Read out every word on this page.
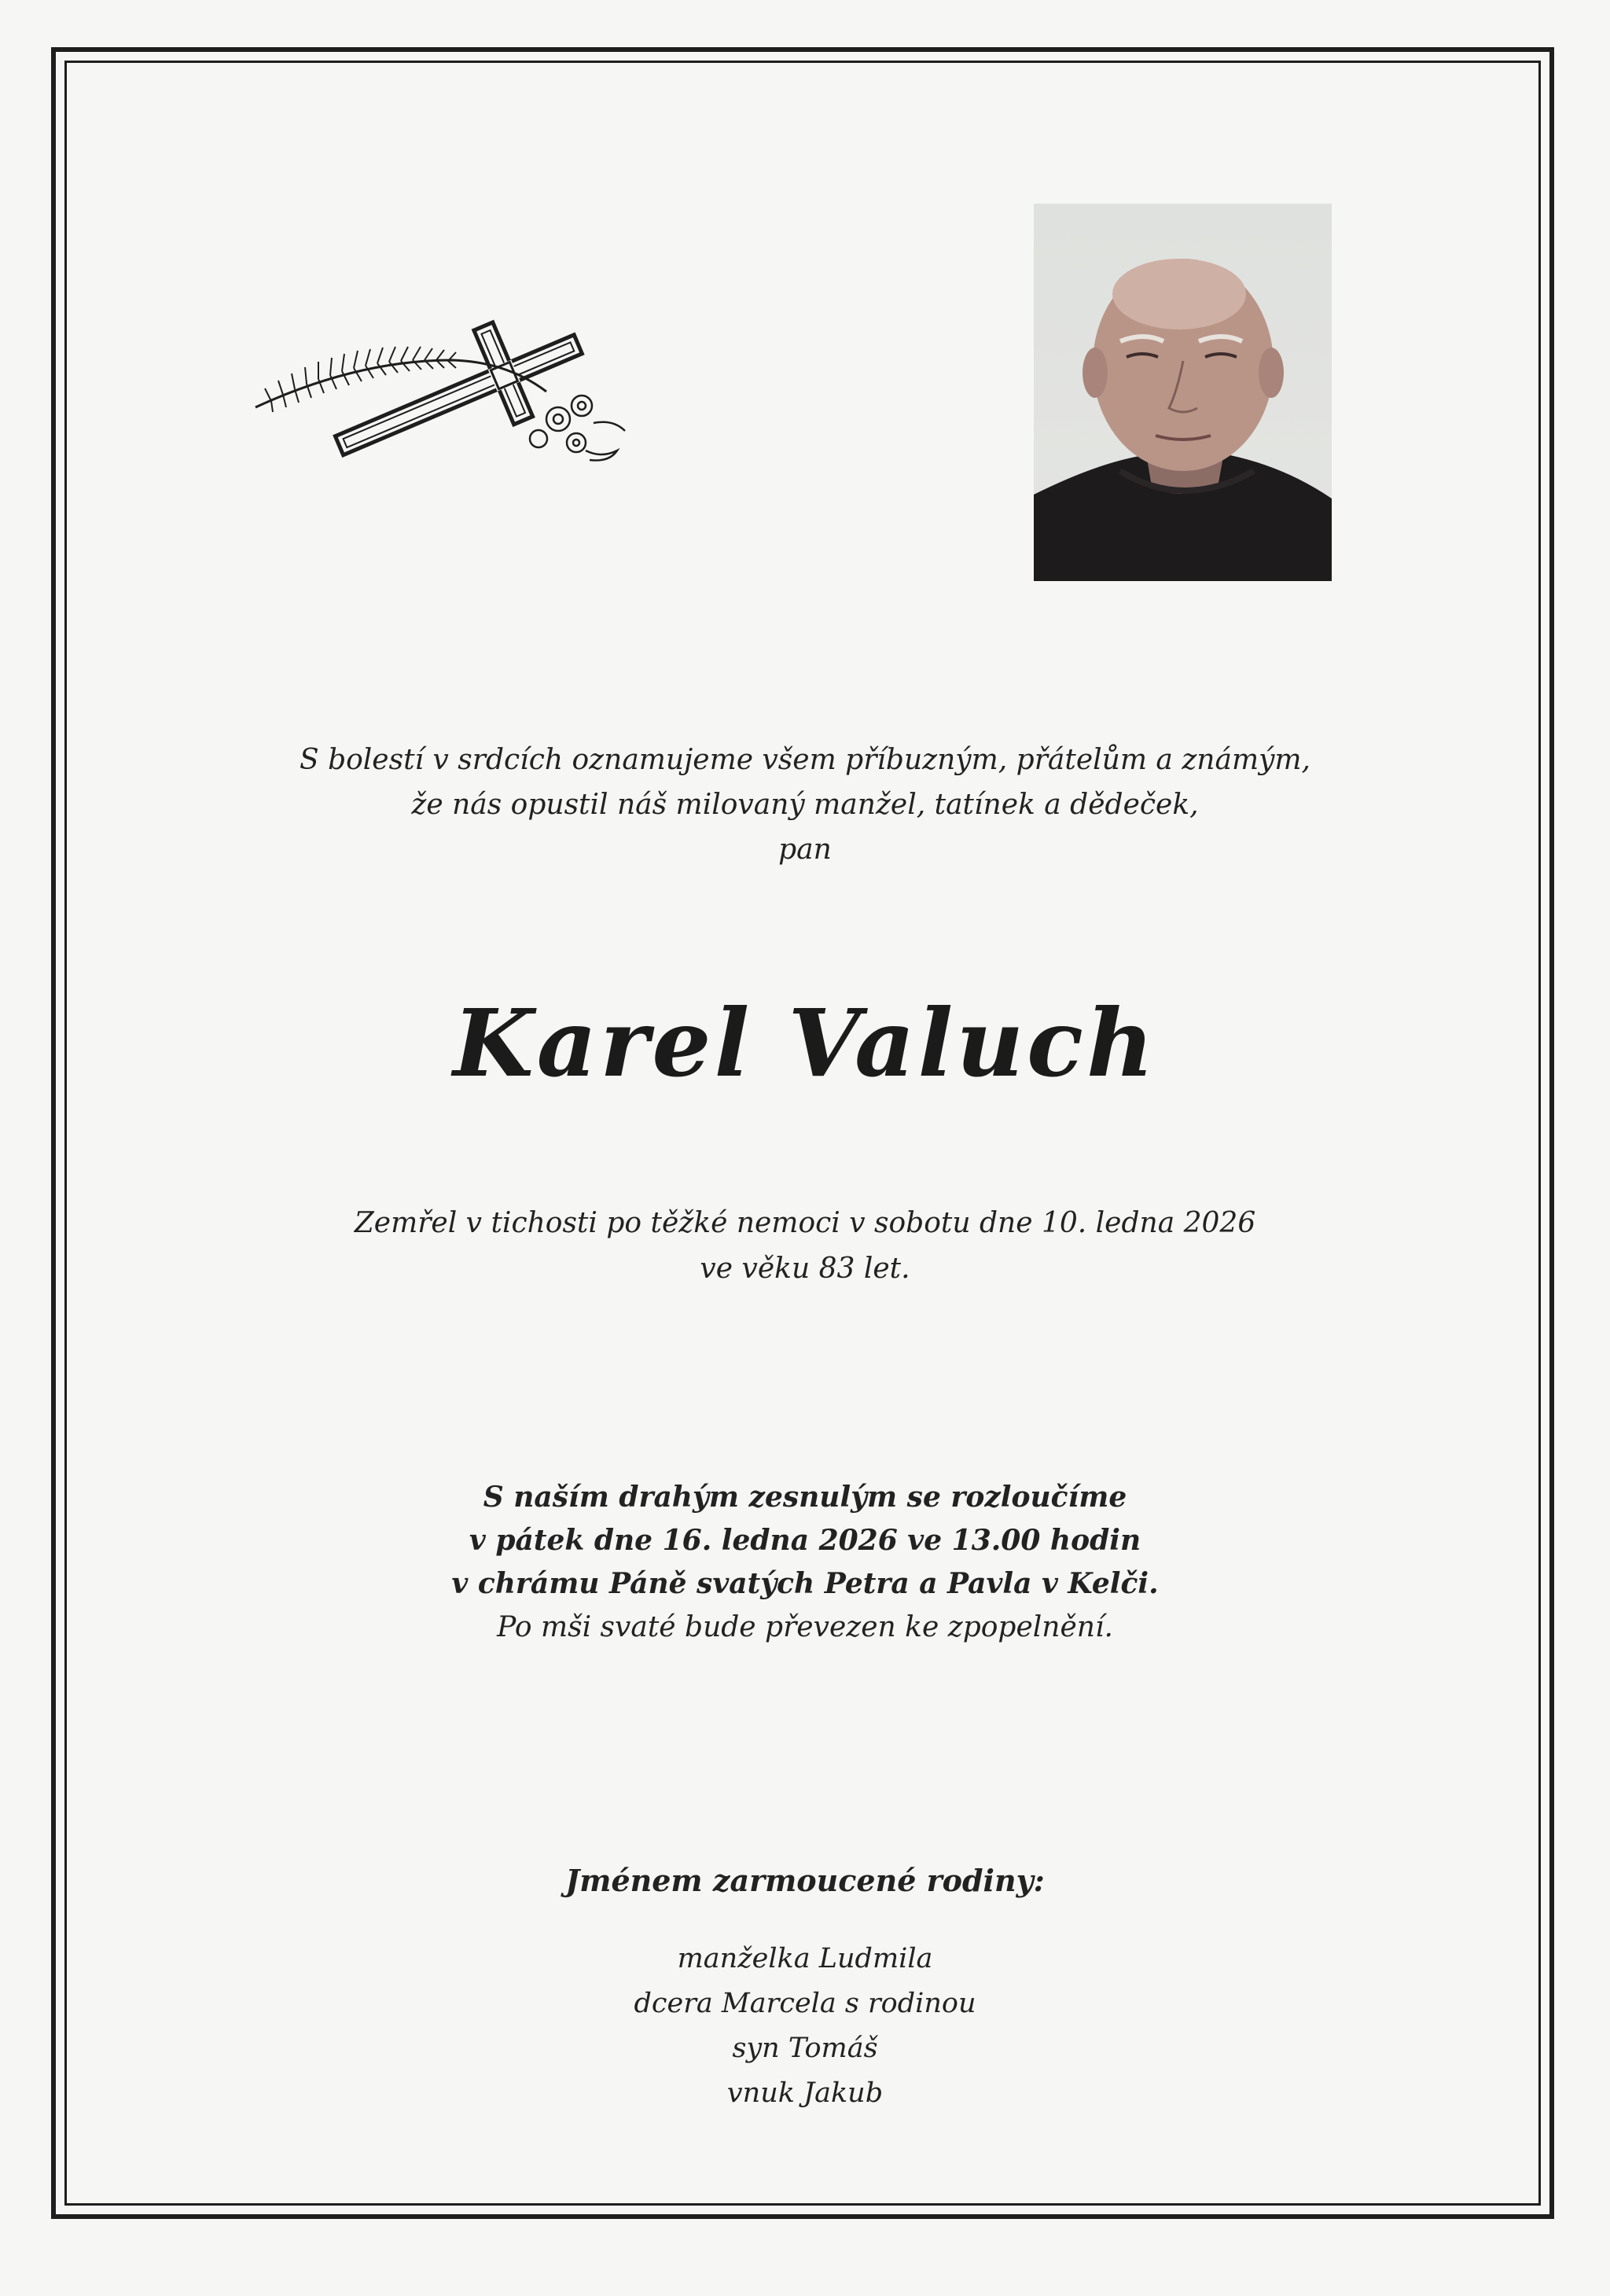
S bolestí v srdcích oznamujeme všem příbuzným, přátelům a známým,
že nás opustil náš milovaný manžel, tatínek a dědeček,
pan
Karel Valuch
Zemřel v tichosti po těžké nemoci v sobotu dne 10. ledna 2026
ve věku 83 let.
S naším drahým zesnulým se rozloučíme
v pátek dne 16. ledna 2026 ve 13.00 hodin
v chrámu Páně svatých Petra a Pavla v Kelči.
Po mši svaté bude převezen ke zpopelnění.
Jménem zarmoucené rodiny:
manželka Ludmila
dcera Marcela s rodinou
syn Tomáš
vnuk Jakub
